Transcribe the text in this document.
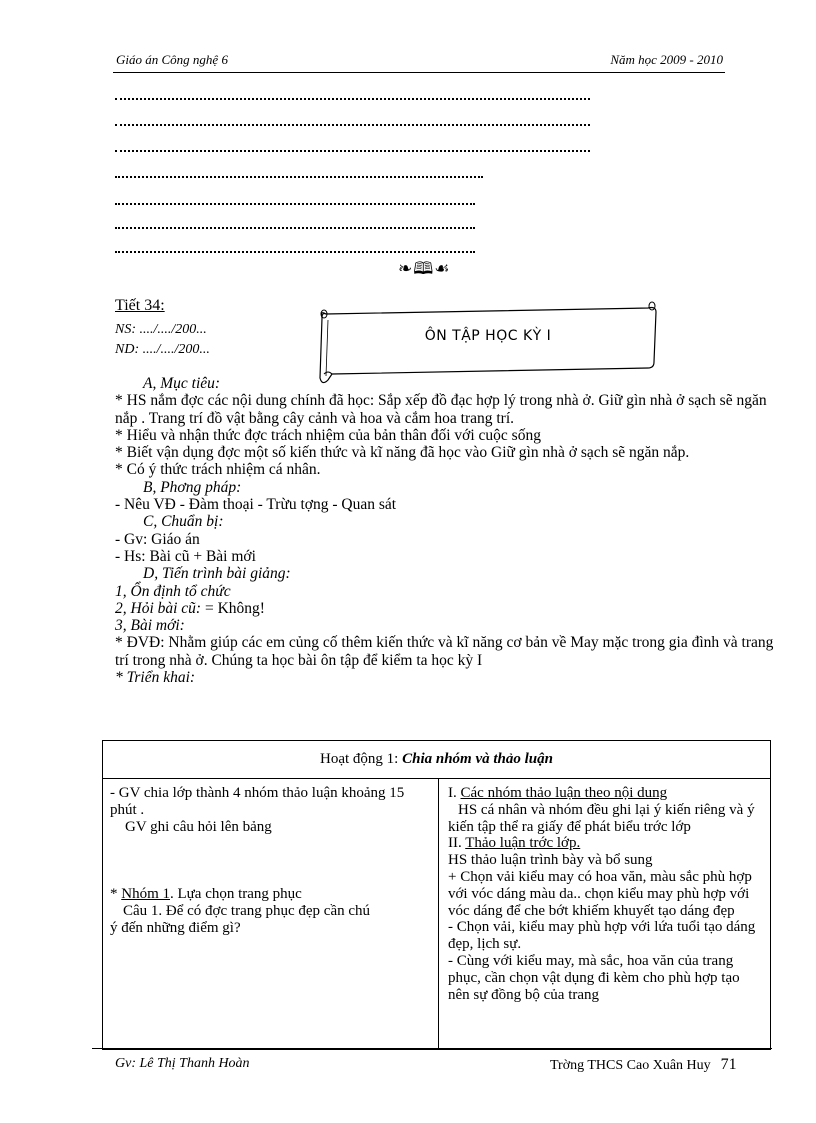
Giáo án Công nghệ 6	Năm học 2009 - 2010
❧🕮☙
Tiết 34:
NS: ..../..../200...
ND: ..../..../200...
ÔN TẬP HỌC KỲ I

A, Mục tiêu:

* HS nắm đợc các nội dung chính đã học: Sắp xếp đồ đạc hợp lý trong nhà ở. Giữ gìn nhà ở sạch sẽ ngăn nắp . Trang trí đồ vật bằng cây cảnh và hoa và cắm hoa trang trí.

* Hiểu và nhận thức đợc trách nhiệm của bản thân đối với cuộc sống

* Biết vận dụng đợc một số kiến thức và kĩ năng đã học vào Giữ gìn nhà ở sạch sẽ ngăn nắp.

* Có ý thức trách nhiệm cá nhân.

B, Phơng pháp:

- Nêu VĐ - Đàm thoại - Trừu tợng - Quan sát

C, Chuẩn bị:

- Gv: Giáo án

- Hs: Bài cũ + Bài mới

D, Tiến trình bài giảng:

1, Ổn định tổ chức

2, Hỏi bài cũ: = Không!

3, Bài mới:

* ĐVĐ: Nhằm giúp các em củng cố thêm kiến thức và kĩ năng cơ bản về May mặc trong gia đình và trang trí trong nhà ở. Chúng ta học bài ôn tập để kiểm ta học kỳ I

* Triển khai:

Hoạt động 1: Chia nhóm và thảo luận

- GV chia lớp thành 4 nhóm thảo luận khoảng 15 phút .

GV ghi câu hỏi lên bảng

* Nhóm 1. Lựa chọn trang phục

Câu 1. Để có đợc trang phục đẹp cần chú

ý đến những điểm gì?

I. Các nhóm thảo luận theo nội dung

HS cá nhân và nhóm đều ghi lại ý kiến riêng và ý kiến tập thể ra giấy để phát biểu trớc lớp

II. Thảo luận trớc lớp.

HS thảo luận trình bày và bổ sung

+ Chọn vải kiểu may có hoa văn, màu sắc phù hợp với vóc dáng màu da.. chọn kiểu may phù hợp với vóc dáng để che bớt khiếm khuyết tạo dáng đẹp

- Chọn vải, kiểu may phù hợp với lứa tuổi tạo dáng đẹp, lịch sự.

- Cùng với kiểu may, mà sắc, hoa văn của trang phục, cần chọn vật dụng đi kèm cho phù hợp tạo nên sự đồng bộ của trang

Gv: Lê Thị Thanh Hoàn	Trờng THCS Cao Xuân Huy 71
